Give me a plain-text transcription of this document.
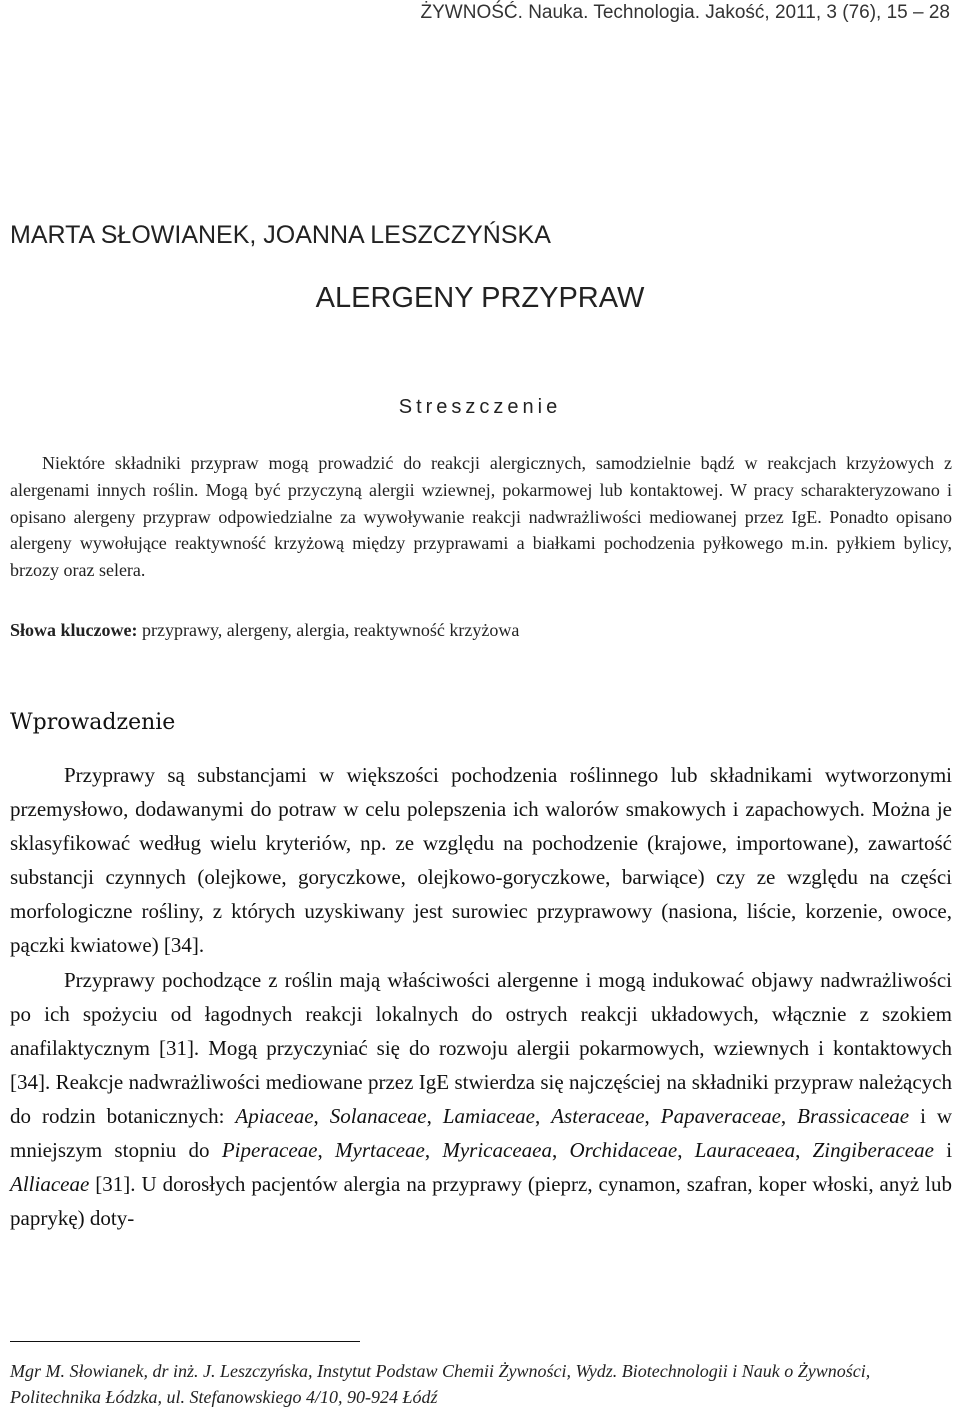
ŻYWNOŚĆ. Nauka. Technologia. Jakość, 2011, 3 (76), 15 – 28
MARTA SŁOWIANEK, JOANNA LESZCZYŃSKA
ALERGENY PRZYPRAW
Streszczenie
Niektóre składniki przypraw mogą prowadzić do reakcji alergicznych, samodzielnie bądź w reakcjach krzyżowych z alergenami innych roślin. Mogą być przyczyną alergii wziewnej, pokarmowej lub kontaktowej. W pracy scharakteryzowano i opisano alergeny przypraw odpowiedzialne za wywoływanie reakcji nadwrażliwości mediowanej przez IgE. Ponadto opisano alergeny wywołujące reaktywność krzyżową między przyprawami a białkami pochodzenia pyłkowego m.in. pyłkiem bylicy, brzozy oraz selera.
Słowa kluczowe: przyprawy, alergeny, alergia, reaktywność krzyżowa
Wprowadzenie

Przyprawy są substancjami w większości pochodzenia roślinnego lub składnikami wytworzonymi przemysłowo, dodawanymi do potraw w celu polepszenia ich walorów smakowych i zapachowych. Można je sklasyfikować według wielu kryteriów, np. ze względu na pochodzenie (krajowe, importowane), zawartość substancji czynnych (olejkowe, goryczkowe, olejkowo-goryczkowe, barwiące) czy ze względu na części morfologiczne rośliny, z których uzyskiwany jest surowiec przyprawowy (nasiona, liście, korzenie, owoce, pączki kwiatowe) [34].

Przyprawy pochodzące z roślin mają właściwości alergenne i mogą indukować objawy nadwrażliwości po ich spożyciu od łagodnych reakcji lokalnych do ostrych reakcji układowych, włącznie z szokiem anafilaktycznym [31]. Mogą przyczyniać się do rozwoju alergii pokarmowych, wziewnych i kontaktowych [34]. Reakcje nadwrażliwości mediowane przez IgE stwierdza się najczęściej na składniki przypraw należących do rodzin botanicznych: Apiaceae, Solanaceae, Lamiaceae, Asteraceae, Papaveraceae, Brassicaceae i w mniejszym stopniu do Piperaceae, Myrtaceae, Myricaceaea, Orchidaceae, Lauraceaea, Zingiberaceae i Alliaceae [31]. U dorosłych pacjentów alergia na przyprawy (pieprz, cynamon, szafran, koper włoski, anyż lub paprykę) doty-

Mgr M. Słowianek, dr inż. J. Leszczyńska, Instytut Podstaw Chemii Żywności, Wydz. Biotechnologii i Nauk o Żywności, Politechnika Łódzka, ul. Stefanowskiego 4/10, 90-924 Łódź
